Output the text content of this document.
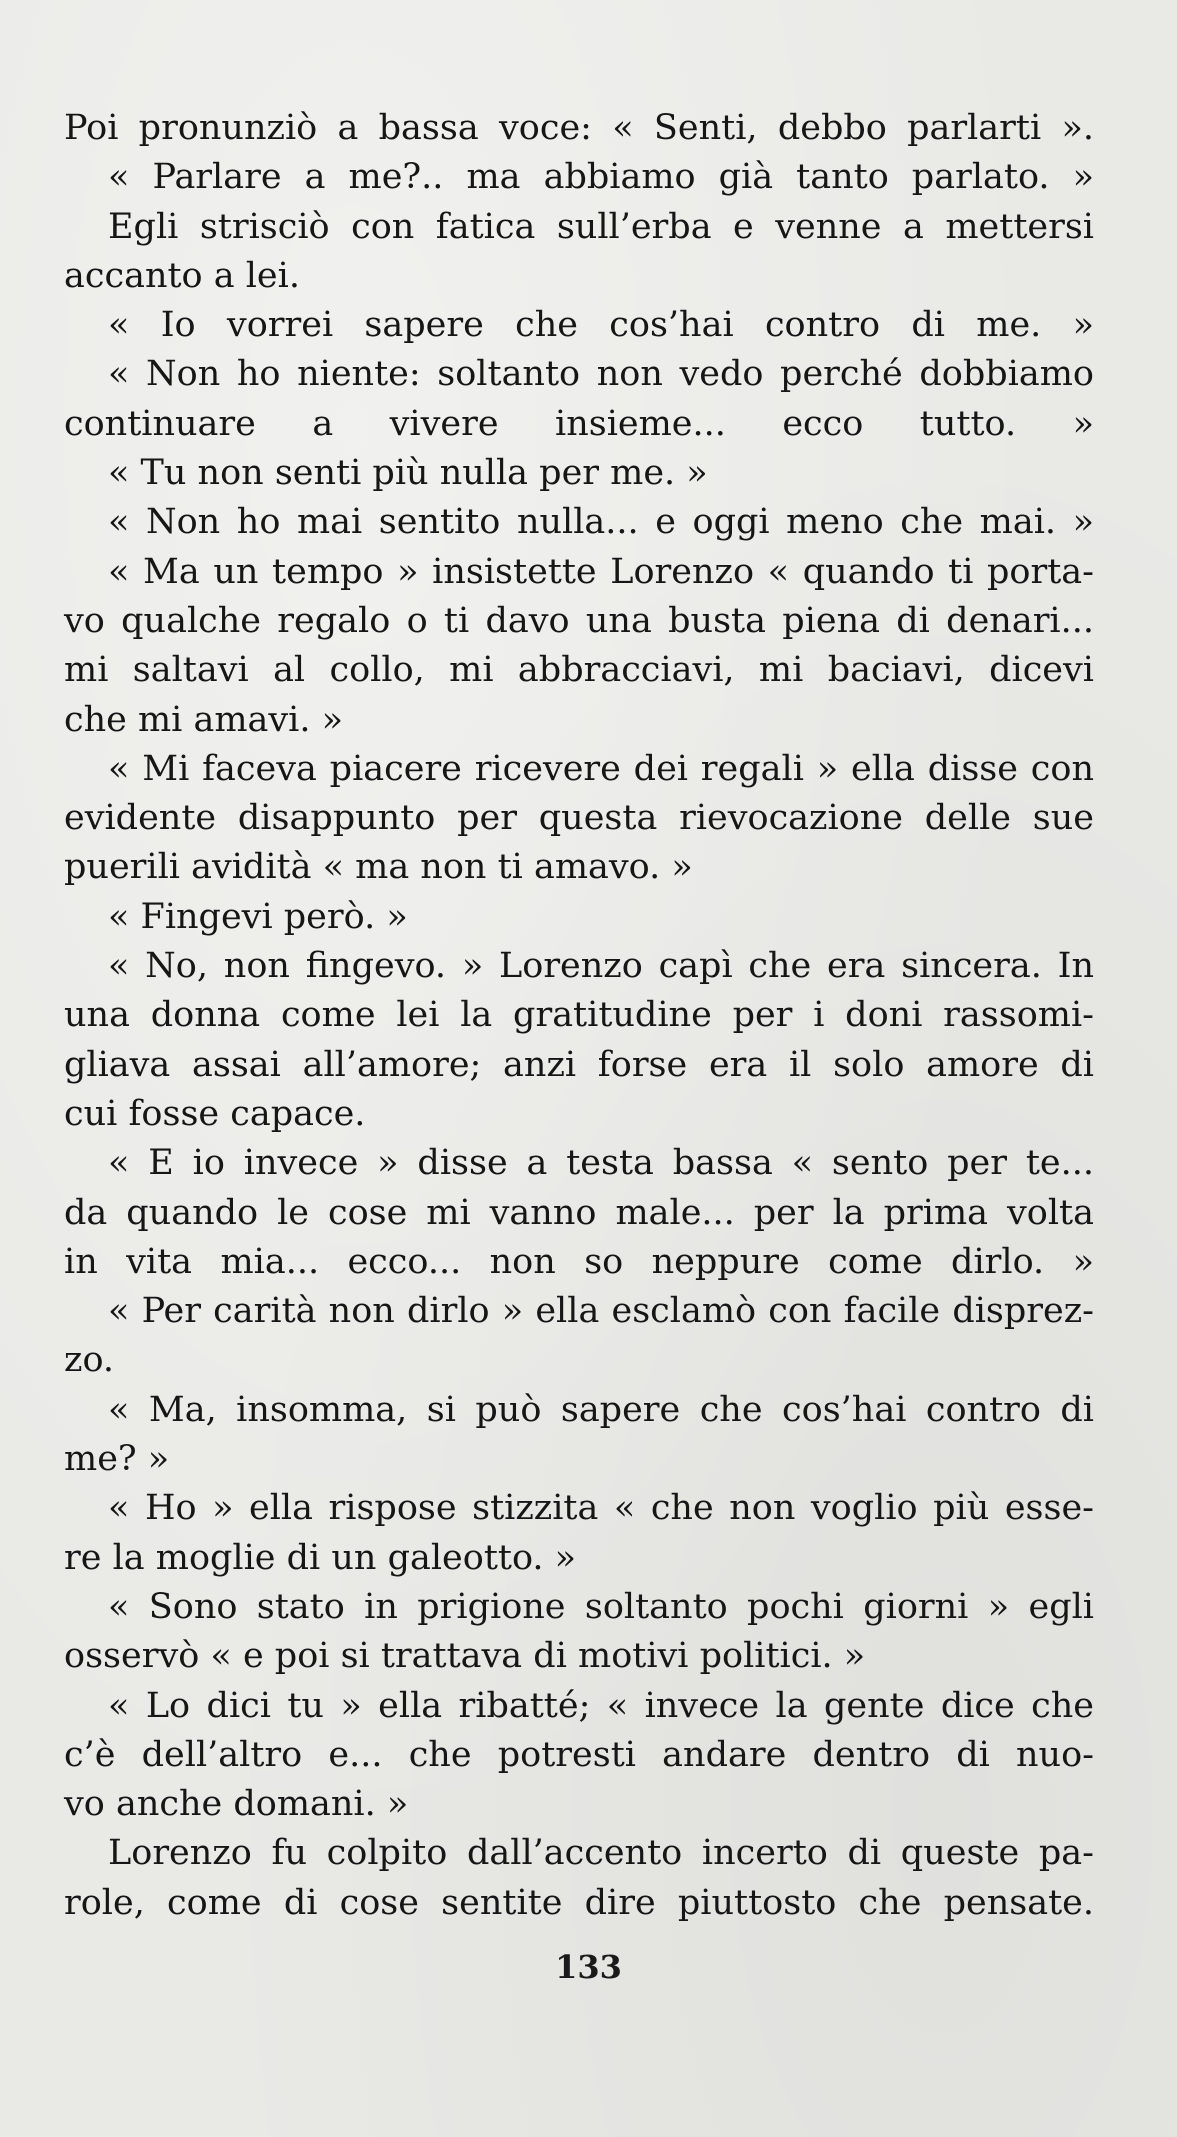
Poi pronunziò a bassa voce: « Senti, debbo parlarti ».
« Parlare a me?.. ma abbiamo già tanto parlato. »
Egli strisciò con fatica sull’erba e venne a mettersi
accanto a lei.
« Io vorrei sapere che cos’hai contro di me. »
« Non ho niente: soltanto non vedo perché dobbiamo
continuare a vivere insieme... ecco tutto. »
« Tu non senti più nulla per me. »
« Non ho mai sentito nulla... e oggi meno che mai. »
« Ma un tempo » insistette Lorenzo « quando ti porta-
vo qualche regalo o ti davo una busta piena di denari...
mi saltavi al collo, mi abbracciavi, mi baciavi, dicevi
che mi amavi. »
« Mi faceva piacere ricevere dei regali » ella disse con
evidente disappunto per questa rievocazione delle sue
puerili avidità « ma non ti amavo. »
« Fingevi però. »
« No, non fingevo. » Lorenzo capì che era sincera. In
una donna come lei la gratitudine per i doni rassomi-
gliava assai all’amore; anzi forse era il solo amore di
cui fosse capace.
« E io invece » disse a testa bassa « sento per te...
da quando le cose mi vanno male... per la prima volta
in vita mia... ecco... non so neppure come dirlo. »
« Per carità non dirlo » ella esclamò con facile disprez-
zo.
« Ma, insomma, si può sapere che cos’hai contro di
me? »
« Ho » ella rispose stizzita « che non voglio più esse-
re la moglie di un galeotto. »
« Sono stato in prigione soltanto pochi giorni » egli
osservò « e poi si trattava di motivi politici. »
« Lo dici tu » ella ribatté; « invece la gente dice che
c’è dell’altro e... che potresti andare dentro di nuo-
vo anche domani. »
Lorenzo fu colpito dall’accento incerto di queste pa-
role, come di cose sentite dire piuttosto che pensate.
133
